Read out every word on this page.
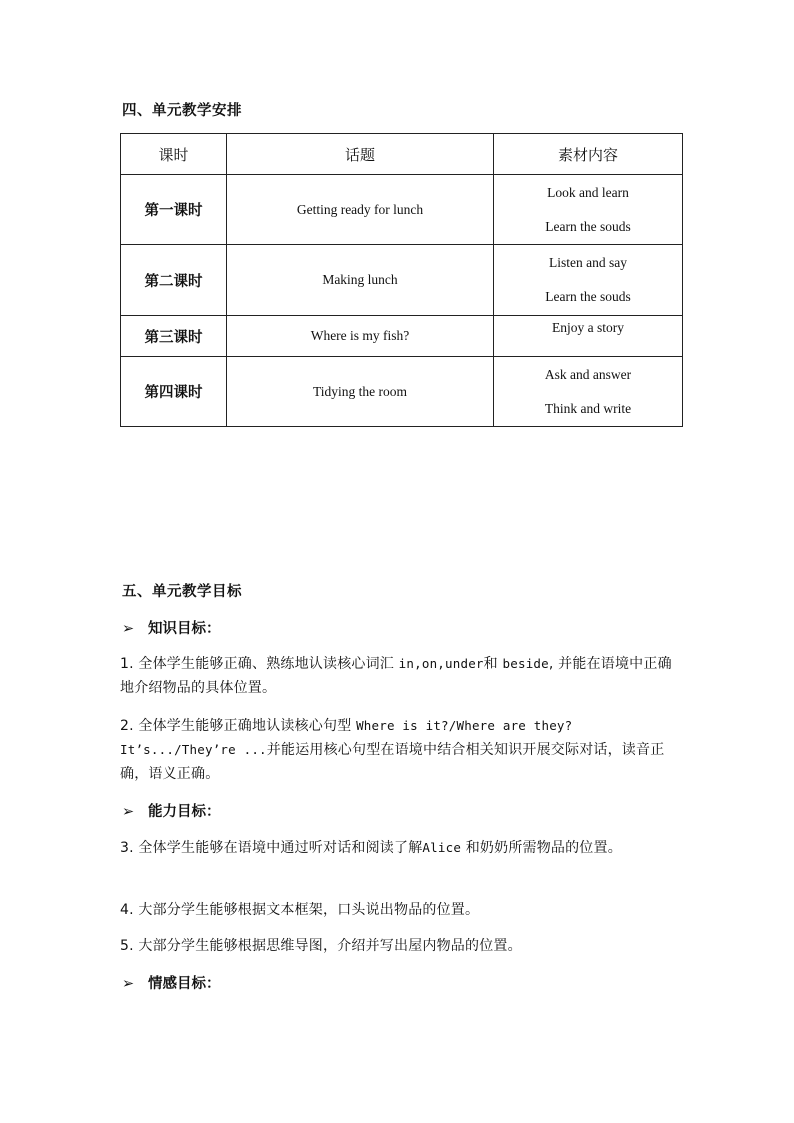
四、单元教学安排
课时	话题	素材内容
第一课时	Getting ready for lunch	Look and learn
Learn the souds

第二课时	Making lunch	Listen and say
Learn the souds

第三课时	Where is my fish?	Enjoy a story

第四课时	Tidying the room	Ask and answer
Think and write
五、单元教学目标
➢ 知识目标：
1. 全体学生能够正确、熟练地认读核心词汇 in,on,under和 beside, 并能在语境中正确地介绍物品的具体位置。
2. 全体学生能够正确地认读核心句型 Where is it?/Where are they? It’s.../They’re ...并能运用核心句型在语境中结合相关知识开展交际对话，读音正确，语义正确。
➢ 能力目标：
3. 全体学生能够在语境中通过听对话和阅读了解Alice 和奶奶所需物品的位置。
4. 大部分学生能够根据文本框架，口头说出物品的位置。
5. 大部分学生能够根据思维导图，介绍并写出屋内物品的位置。
➢ 情感目标：
